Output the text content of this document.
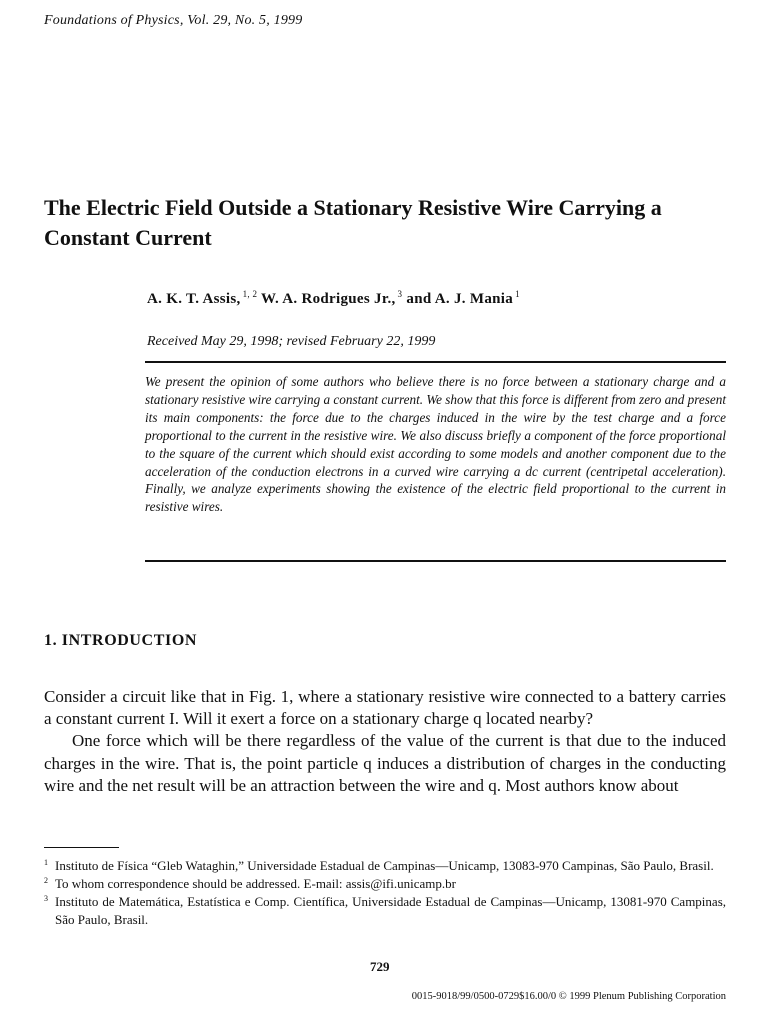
Foundations of Physics, Vol. 29, No. 5, 1999
The Electric Field Outside a Stationary Resistive Wire Carrying a Constant Current
A. K. T. Assis, $^{1, 2}$ W. A. Rodrigues Jr., $^3$ and A. J. Mania $^1$
Received May 29, 1998; revised February 22, 1999

We present the opinion of some authors who believe there is no force between a stationary charge and a stationary resistive wire carrying a constant current. We show that this force is different from zero and present its main components: the force due to the charges induced in the wire by the test charge and a force proportional to the current in the resistive wire. We also discuss briefly a component of the force proportional to the square of the current which should exist according to some models and another component due to the acceleration of the conduction electrons in a curved wire carrying a dc current (centripetal acceleration). Finally, we analyze experiments showing the existence of the electric field proportional to the current in resistive wires.

1. INTRODUCTION

Consider a circuit like that in Fig. 1, where a stationary resistive wire connected to a battery carries a constant current I. Will it exert a force on a stationary charge q located nearby?

One force which will be there regardless of the value of the current is that due to the induced charges in the wire. That is, the point particle q induces a distribution of charges in the conducting wire and the net result will be an attraction between the wire and q. Most authors know about

1 Instituto de Física “Gleb Wataghin,” Universidade Estadual de Campinas—Unicamp, 13083-970 Campinas, São Paulo, Brasil.

2 To whom correspondence should be addressed. E-mail: assis@ifi.unicamp.br

3 Instituto de Matemática, Estatística e Comp. Científica, Universidade Estadual de Campinas—Unicamp, 13081-970 Campinas, São Paulo, Brasil.

729
0015-9018/99/0500-0729$16.00/0 © 1999 Plenum Publishing Corporation
